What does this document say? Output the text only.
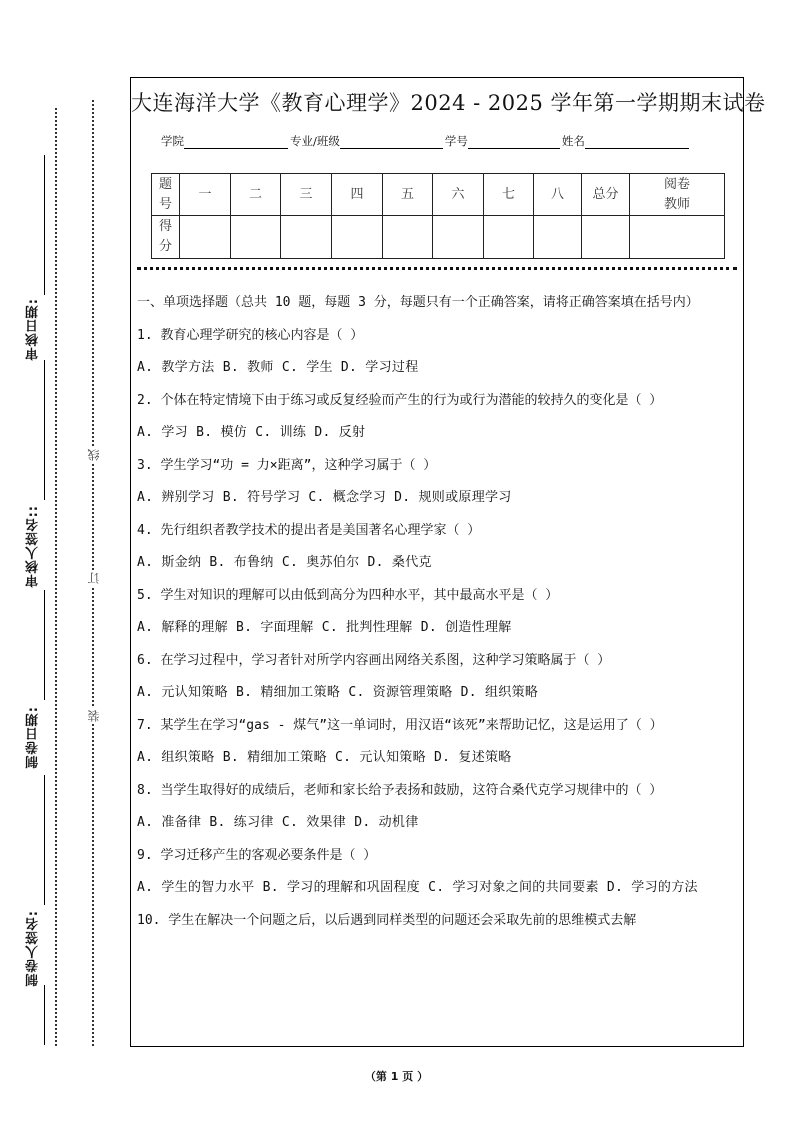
审核日期:
审核人签名::
制卷日期:
制卷人签名:
线
订
装
大连海洋大学《教育心理学》2024 - 2025 学年第一学期期末试卷
学院	专业/班级	学号	姓名
题号	一	二	三	四	五	六	七	八	总分	阅卷教师
得分										

一、单项选择题（总共 10 题，每题 3 分，每题只有一个正确答案，请将正确答案填在括号内）

1. 教育心理学研究的核心内容是（ ）

A. 教学方法 B. 教师 C. 学生 D. 学习过程

2. 个体在特定情境下由于练习或反复经验而产生的行为或行为潜能的较持久的变化是（ ）

A. 学习 B. 模仿 C. 训练 D. 反射

3. 学生学习“功 = 力×距离”，这种学习属于（ ）

A. 辨别学习 B. 符号学习 C. 概念学习 D. 规则或原理学习

4. 先行组织者教学技术的提出者是美国著名心理学家（ ）

A. 斯金纳 B. 布鲁纳 C. 奥苏伯尔 D. 桑代克

5. 学生对知识的理解可以由低到高分为四种水平，其中最高水平是（ ）

A. 解释的理解 B. 字面理解 C. 批判性理解 D. 创造性理解

6. 在学习过程中，学习者针对所学内容画出网络关系图，这种学习策略属于（ ）

A. 元认知策略 B. 精细加工策略 C. 资源管理策略 D. 组织策略

7. 某学生在学习“gas - 煤气”这一单词时，用汉语“该死”来帮助记忆，这是运用了（ ）

A. 组织策略 B. 精细加工策略 C. 元认知策略 D. 复述策略

8. 当学生取得好的成绩后，老师和家长给予表扬和鼓励，这符合桑代克学习规律中的（ ）

A. 准备律 B. 练习律 C. 效果律 D. 动机律

9. 学习迁移产生的客观必要条件是（ ）

A. 学生的智力水平 B. 学习的理解和巩固程度 C. 学习对象之间的共同要素 D. 学习的方法

10. 学生在解决一个问题之后，以后遇到同样类型的问题还会采取先前的思维模式去解

（第 1 页 ）
